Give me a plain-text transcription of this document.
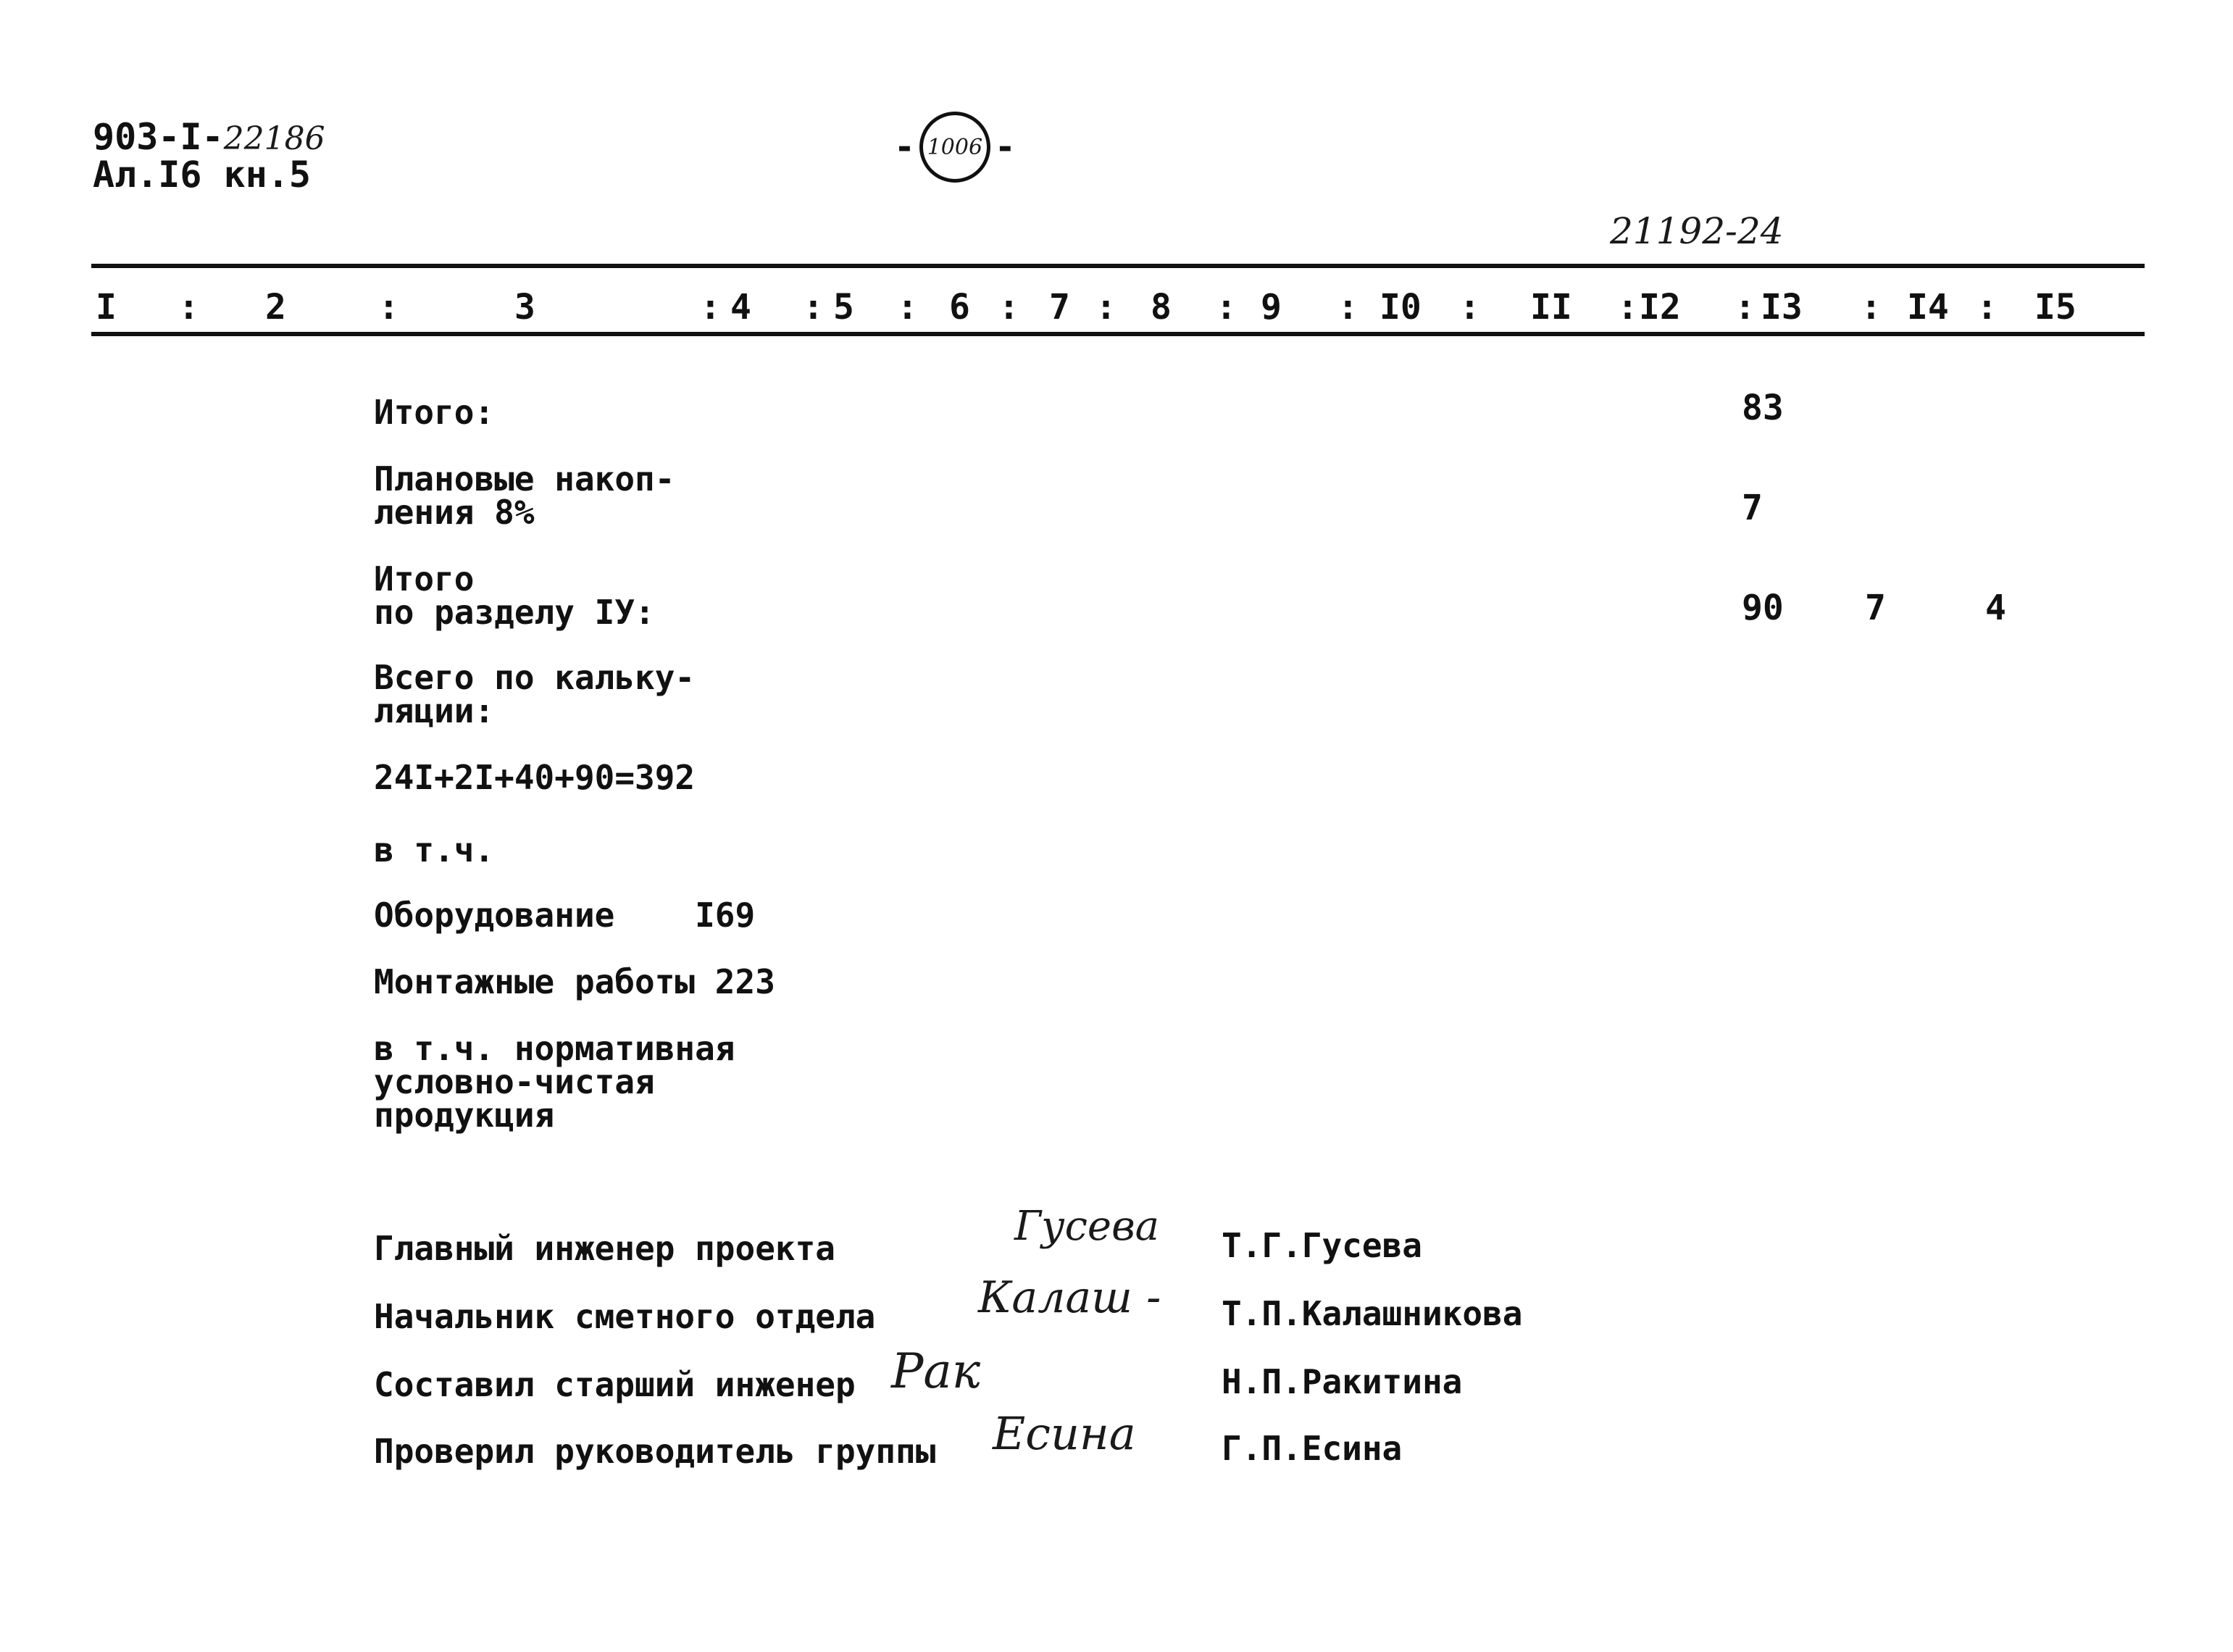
903-I-22186
Ал.I6 кн.5
- 1006 -
21192-24
I : 2	:	3	: 4 : 5 : 6 : 7 : 8 : 9 : I0 : II : I2 : I3 : I4 : I5
Итого:	83
Плановые накоп-
ления 8%	7
Итого
по разделу IУ:	90 7	4
Всего по кальку-
ляции:
24I+2I+40+90=392
в т.ч.
Оборудование    I69
Монтажные работы 223
в т.ч. нормативная
условно-чистая
продукция
Главный инженер проекта	Гусева Т.Г.Гусева
Начальник сметного отдела Калаш - Т.П.Калашникова
Составил старший инженер Рак	Н.П.Ракитина
Проверил руководитель группы Есина	Г.П.Есина
